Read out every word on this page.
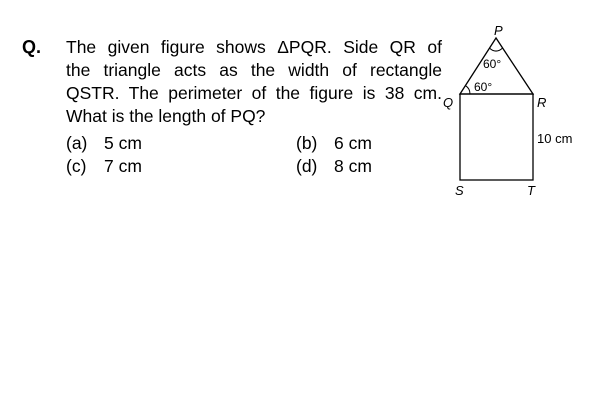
Q. The given figure shows ΔPQR. Side QR of
the triangle acts as the width of rectangle
QSTR. The perimeter of the figure is 38 cm.
What is the length of PQ?
(a) 5 cm	(b) 6 cm
(c) 7 cm	(d) 8 cm
P
Q	R
S	T
60°
60°
10 cm
